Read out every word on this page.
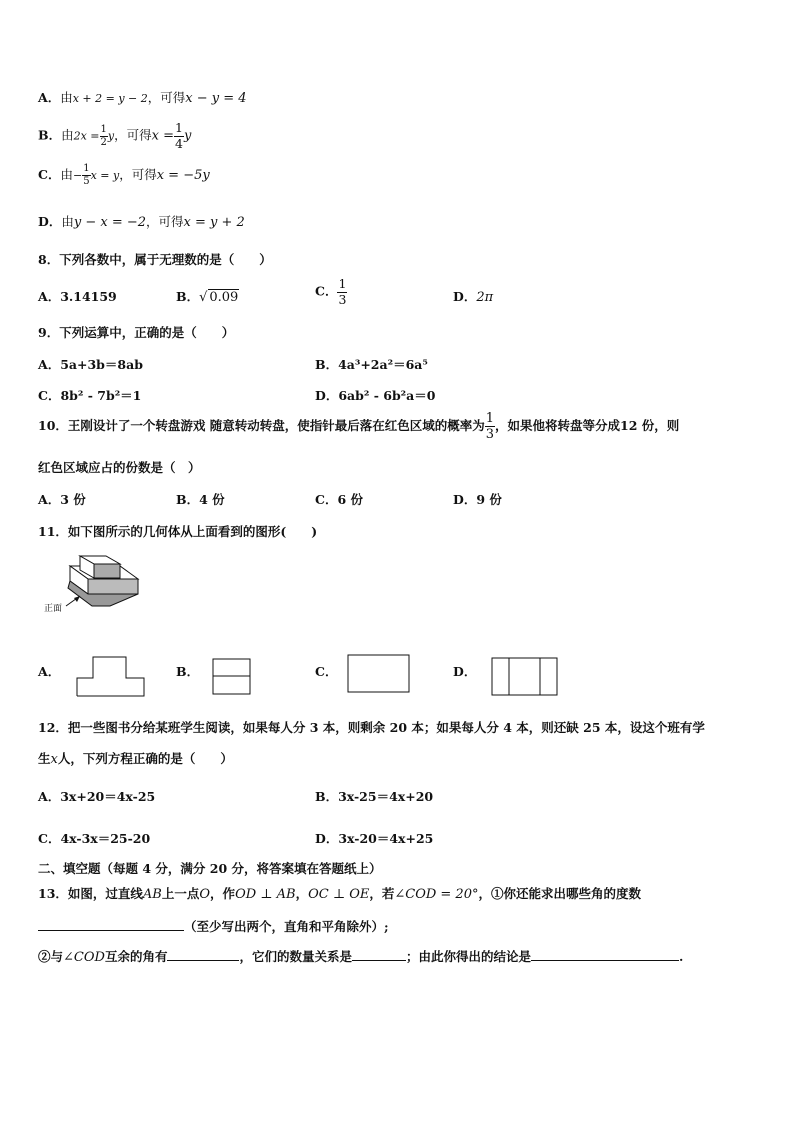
A．由x + 2 = y − 2，可得x − y = 4
B．由$2x = \frac{1}{2}$ y，可得$x = \frac{1}{4}$ y
C．由− $\frac{1}{5}$ x = y，可得x = −5y
D．由y − x = −2，可得x = y + 2
8．下列各数中，属于无理数的是（　　）
A．3.14159	B．√ 0.09	C． $\frac{1}{3}$	D．2π
9．下列运算中，正确的是（　　）
A．5a+3b＝8ab	B．4a³+2a²＝6a⁵
C．8b² - 7b²＝1	D．6ab² - 6b²a＝0
10．王刚设计了一个转盘游戏 随意转动转盘，使指针最后落在红色区域的概率为 $\frac{1}{3}$ ，如果他将转盘等分成12 份，则
红色区域应占的份数是（　）
A．3 份	B．4 份	C．6 份	D．9 份
11．如下图所示的几何体从上面看到的图形(　　)
正面
A．	B．	C．	D．
12．把一些图书分给某班学生阅读，如果每人分 3 本，则剩余 20 本；如果每人分 4 本，则还缺 25 本，设这个班有学
生x人，下列方程正确的是（　　）
A．3x+20＝4x-25	B．3x-25＝4x+20
C．4x-3x＝25-20	D．3x-20＝4x+25
二、填空题（每题 4 分，满分 20 分，将答案填在答题纸上）
13．如图，过直线AB上一点O，作OD ⊥ AB，OC ⊥ OE，若∠COD = 20°，①你还能求出哪些角的度数
（至少写出两个，直角和平角除外）;
②与∠COD互余的角有	，它们的数量关系是	；由此你得出的结论是	.
